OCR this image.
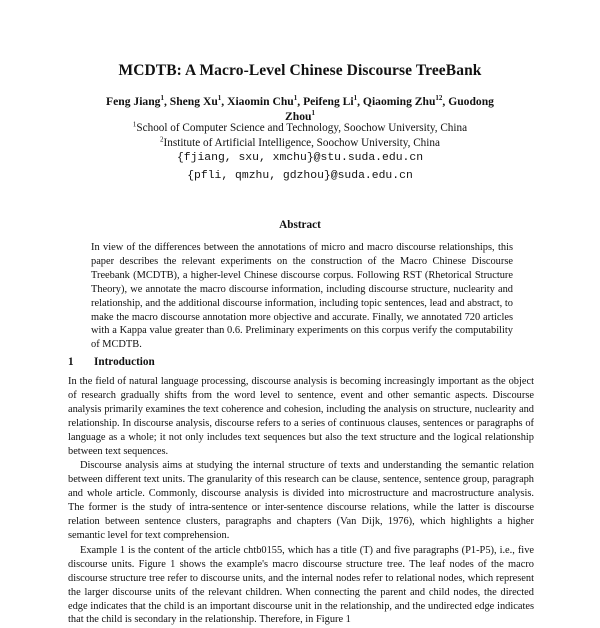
MCDTB: A Macro-Level Chinese Discourse TreeBank
Feng Jiang$^1$, Sheng Xu$^1$, Xiaomin Chu$^1$, Peifeng Li$^1$, Qiaoming Zhu$^{12}$, Guodong Zhou$^1$
$^1$School of Computer Science and Technology, Soochow University, China
$^2$Institute of Artificial Intelligence, Soochow University, China
{fjiang, sxu, xmchu}@stu.suda.edu.cn
{pfli, qmzhu, gdzhou}@suda.edu.cn
Abstract
In view of the differences between the annotations of micro and macro discourse relationships, this paper describes the relevant experiments on the construction of the Macro Chinese Discourse Treebank (MCDTB), a higher-level Chinese discourse corpus. Following RST (Rhetorical Structure Theory), we annotate the macro discourse information, including discourse structure, nuclearity and relationship, and the additional discourse information, including topic sentences, lead and abstract, to make the macro discourse annotation more objective and accurate. Finally, we annotated 720 articles with a Kappa value greater than 0.6. Preliminary experiments on this corpus verify the computability of MCDTB.
1 Introduction

In the field of natural language processing, discourse analysis is becoming increasingly important as the object of research gradually shifts from the word level to sentence, event and other semantic aspects. Discourse analysis primarily examines the text coherence and cohesion, including the analysis on structure, nuclearity and relationship. In discourse analysis, discourse refers to a series of continuous clauses, sentences or paragraphs of language as a whole; it not only includes text sequences but also the text structure and the logical relationship between text sequences.

Discourse analysis aims at studying the internal structure of texts and understanding the semantic relation between different text units. The granularity of this research can be clause, sentence, sentence group, paragraph and whole article. Commonly, discourse analysis is divided into microstructure and macrostructure analysis. The former is the study of intra-sentence or inter-sentence discourse relations, while the latter is discourse relation between sentence clusters, paragraphs and chapters (Van Dijk, 1976), which highlights a higher semantic level for text comprehension.

Example 1 is the content of the article chtb0155, which has a title (T) and five paragraphs (P1-P5), i.e., five discourse units. Figure 1 shows the example's macro discourse structure tree. The leaf nodes of the macro discourse structure tree refer to discourse units, and the internal nodes refer to relational nodes, which represent the larger discourse units of the relevant children. When connecting the parent and child nodes, the directed edge indicates that the child is an important discourse unit in the relationship, and the undirected edge indicates that the child is secondary in the relationship. Therefore, in Figure 1
